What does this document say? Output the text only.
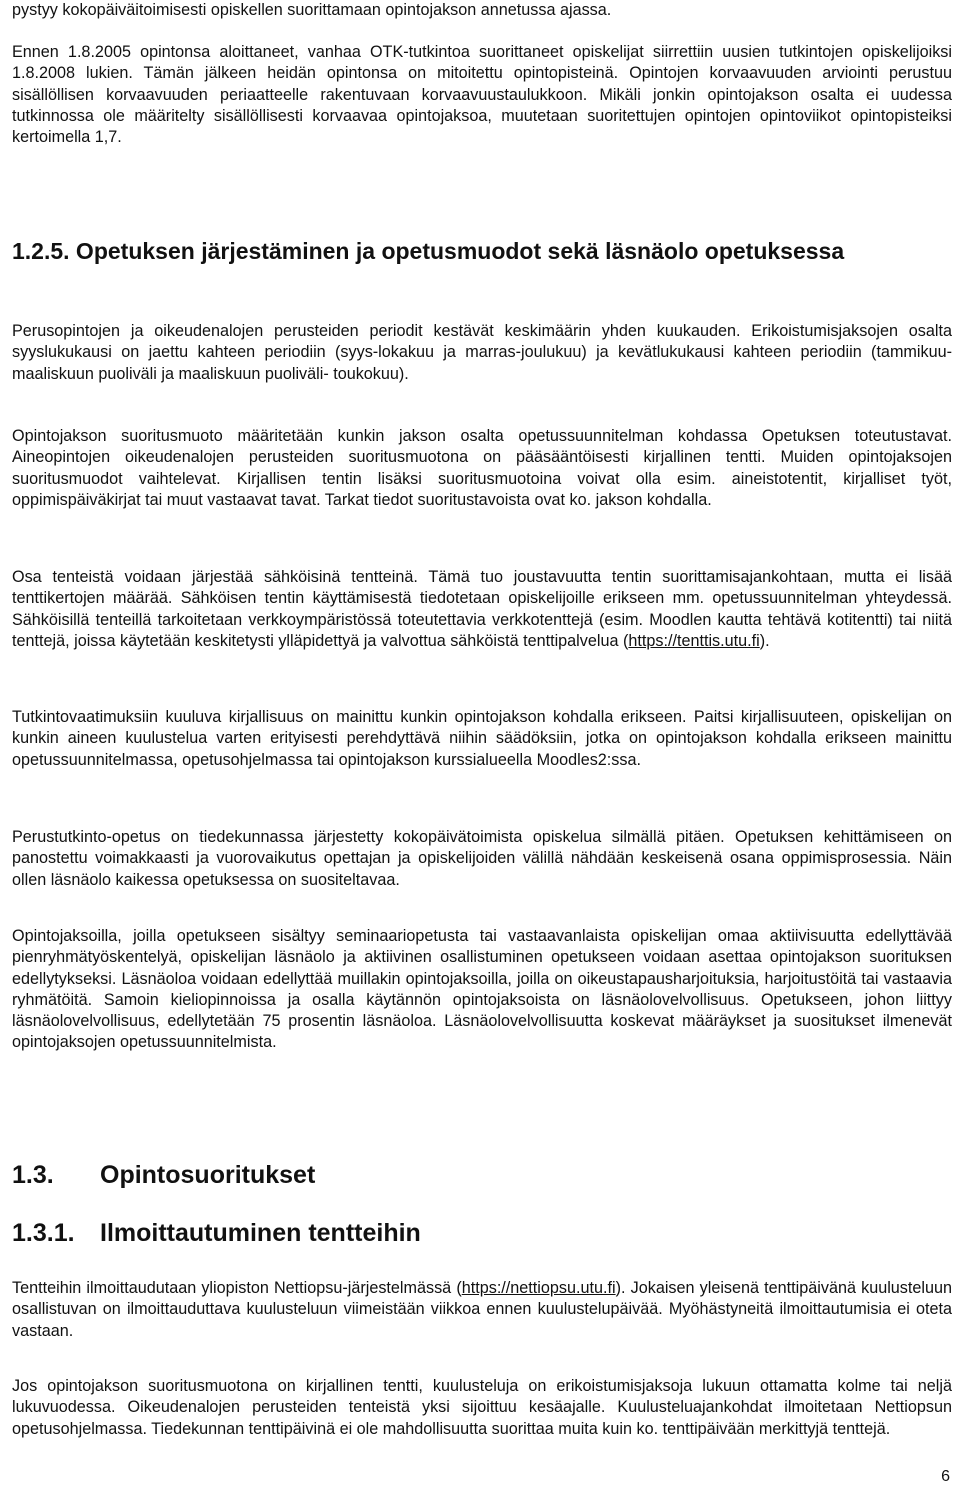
pystyy kokopäiväitoimisesti opiskellen suorittamaan opintojakson annetussa ajassa.

Ennen 1.8.2005 opintonsa aloittaneet, vanhaa OTK-tutkintoa suorittaneet opiskelijat siirrettiin uusien tutkintojen opiskelijoiksi 1.8.2008 lukien. Tämän jälkeen heidän opintonsa on mitoitettu opintopisteinä. Opintojen korvaavuuden arviointi perustuu sisällöllisen korvaavuuden periaatteelle rakentuvaan korvaavuustaulukkoon. Mikäli jonkin opintojakson osalta ei uudessa tutkinnossa ole määritelty sisällöllisesti korvaavaa opintojaksoa, muutetaan suoritettujen opintojen opintoviikot opintopisteiksi kertoimella 1,7.

1.2.5. Opetuksen järjestäminen ja opetusmuodot sekä läsnäolo opetuksessa

Perusopintojen ja oikeudenalojen perusteiden periodit kestävät keskimäärin yhden kuukauden. Erikoistumisjaksojen osalta syyslukukausi on jaettu kahteen periodiin (syys-lokakuu ja marras-joulukuu) ja kevätlukukausi kahteen periodiin (tammikuu-maaliskuun puoliväli ja maaliskuun puoliväli- toukokuu).

Opintojakson suoritusmuoto määritetään kunkin jakson osalta opetussuunnitelman kohdassa Opetuksen toteutustavat. Aineopintojen oikeudenalojen perusteiden suoritusmuotona on pääsääntöisesti kirjallinen tentti. Muiden opintojaksojen suoritusmuodot vaihtelevat. Kirjallisen tentin lisäksi suoritusmuotoina voivat olla esim. aineistotentit, kirjalliset työt, oppimispäiväkirjat tai muut vastaavat tavat. Tarkat tiedot suoritustavoista ovat ko. jakson kohdalla.

Osa tenteistä voidaan järjestää sähköisinä tentteinä. Tämä tuo joustavuutta tentin suorittamisajankohtaan, mutta ei lisää tenttikertojen määrää. Sähköisen tentin käyttämisestä tiedotetaan opiskelijoille erikseen mm. opetussuunnitelman yhteydessä. Sähköisillä tenteillä tarkoitetaan verkkoympäristössä toteutettavia verkkotenttejä (esim. Moodlen kautta tehtävä kotitentti) tai niitä tenttejä, joissa käytetään keskitetysti ylläpidettyä ja valvottua sähköistä tenttipalvelua (https://tenttis.utu.fi).

Tutkintovaatimuksiin kuuluva kirjallisuus on mainittu kunkin opintojakson kohdalla erikseen. Paitsi kirjallisuuteen, opiskelijan on kunkin aineen kuulustelua varten erityisesti perehdyttävä niihin säädöksiin, jotka on opintojakson kohdalla erikseen mainittu opetussuunnitelmassa, opetusohjelmassa tai opintojakson kurssialueella Moodles2:ssa.

Perustutkinto-opetus on tiedekunnassa järjestetty kokopäivätoimista opiskelua silmällä pitäen. Opetuksen kehittämiseen on panostettu voimakkaasti ja vuorovaikutus opettajan ja opiskelijoiden välillä nähdään keskeisenä osana oppimisprosessia. Näin ollen läsnäolo kaikessa opetuksessa on suositeltavaa.

Opintojaksoilla, joilla opetukseen sisältyy seminaariopetusta tai vastaavanlaista opiskelijan omaa aktiivisuutta edellyttävää pienryhmätyöskentelyä, opiskelijan läsnäolo ja aktiivinen osallistuminen opetukseen voidaan asettaa opintojakson suorituksen edellytykseksi. Läsnäoloa voidaan edellyttää muillakin opintojaksoilla, joilla on oikeustapausharjoituksia, harjoitustöitä tai vastaavia ryhmätöitä. Samoin kieliopinnoissa ja osalla käytännön opintojaksoista on läsnäolovelvollisuus. Opetukseen, johon liittyy läsnäolovelvollisuus, edellytetään 75 prosentin läsnäoloa. Läsnäolovelvollisuutta koskevat määräykset ja suositukset ilmenevät opintojaksojen opetussuunnitelmista.

1.3.	Opintosuoritukset
1.3.1.	Ilmoittautuminen tentteihin

Tentteihin ilmoittaudutaan yliopiston Nettiopsu-järjestelmässä (https://nettiopsu.utu.fi). Jokaisen yleisenä tenttipäivänä kuulusteluun osallistuvan on ilmoittauduttava kuulusteluun viimeistään viikkoa ennen kuulustelupäivää. Myöhästyneitä ilmoittautumisia ei oteta vastaan.

Jos opintojakson suoritusmuotona on kirjallinen tentti, kuulusteluja on erikoistumisjaksoja lukuun ottamatta kolme tai neljä lukuvuodessa. Oikeudenalojen perusteiden tenteistä yksi sijoittuu kesäajalle. Kuulusteluajankohdat ilmoitetaan Nettiopsun opetusohjelmassa. Tiedekunnan tenttipäivinä ei ole mahdollisuutta suorittaa muita kuin ko. tenttipäivään merkittyjä tenttejä.

6
